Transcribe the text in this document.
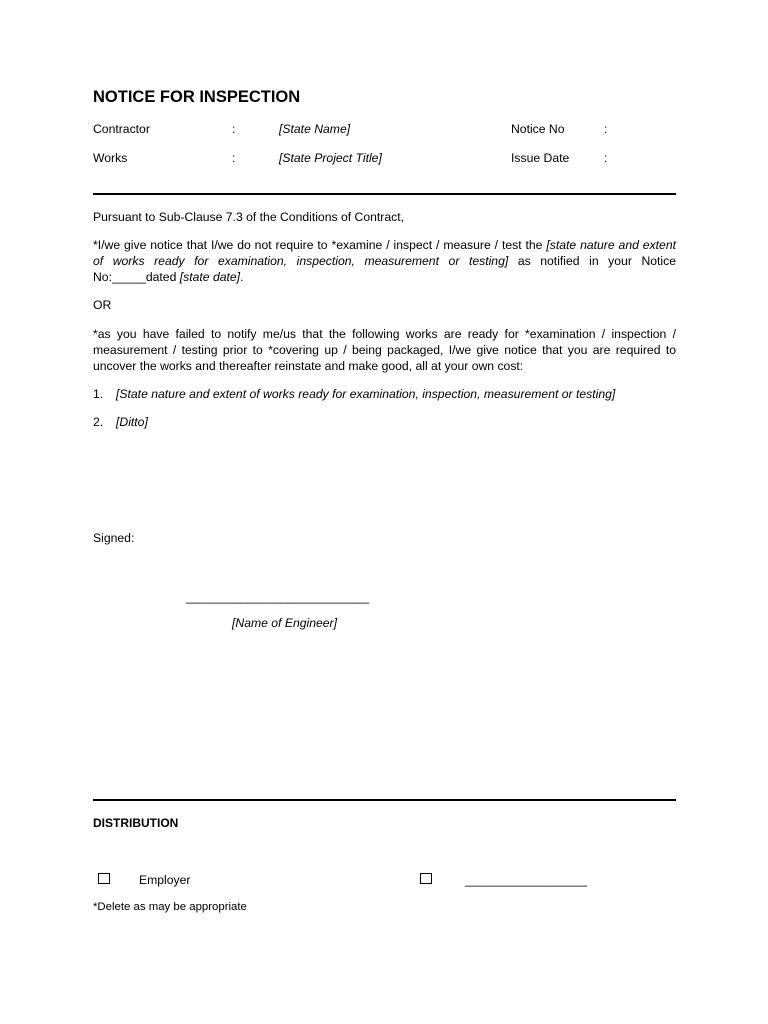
NOTICE FOR INSPECTION
Contractor	:	[State Name]	Notice No	:
Works	:	[State Project Title]	Issue Date	:
Pursuant to Sub-Clause 7.3 of the Conditions of Contract,
*I/we give notice that I/we do not require to *examine / inspect / measure / test the [state nature and extent of works ready for examination, inspection, measurement or testing] as notified in your Notice No:_____dated [state date].
OR
*as you have failed to notify me/us that the following works are ready for *examination / inspection / measurement / testing prior to *covering up / being packaged, I/we give notice that you are required to uncover the works and thereafter reinstate and make good, all at your own cost:
1. [State nature and extent of works ready for examination, inspection, measurement or testing]
2. [Ditto]
Signed:
___________________________
[Name of Engineer]
DISTRIBUTION
Employer	__________________
*Delete as may be appropriate
